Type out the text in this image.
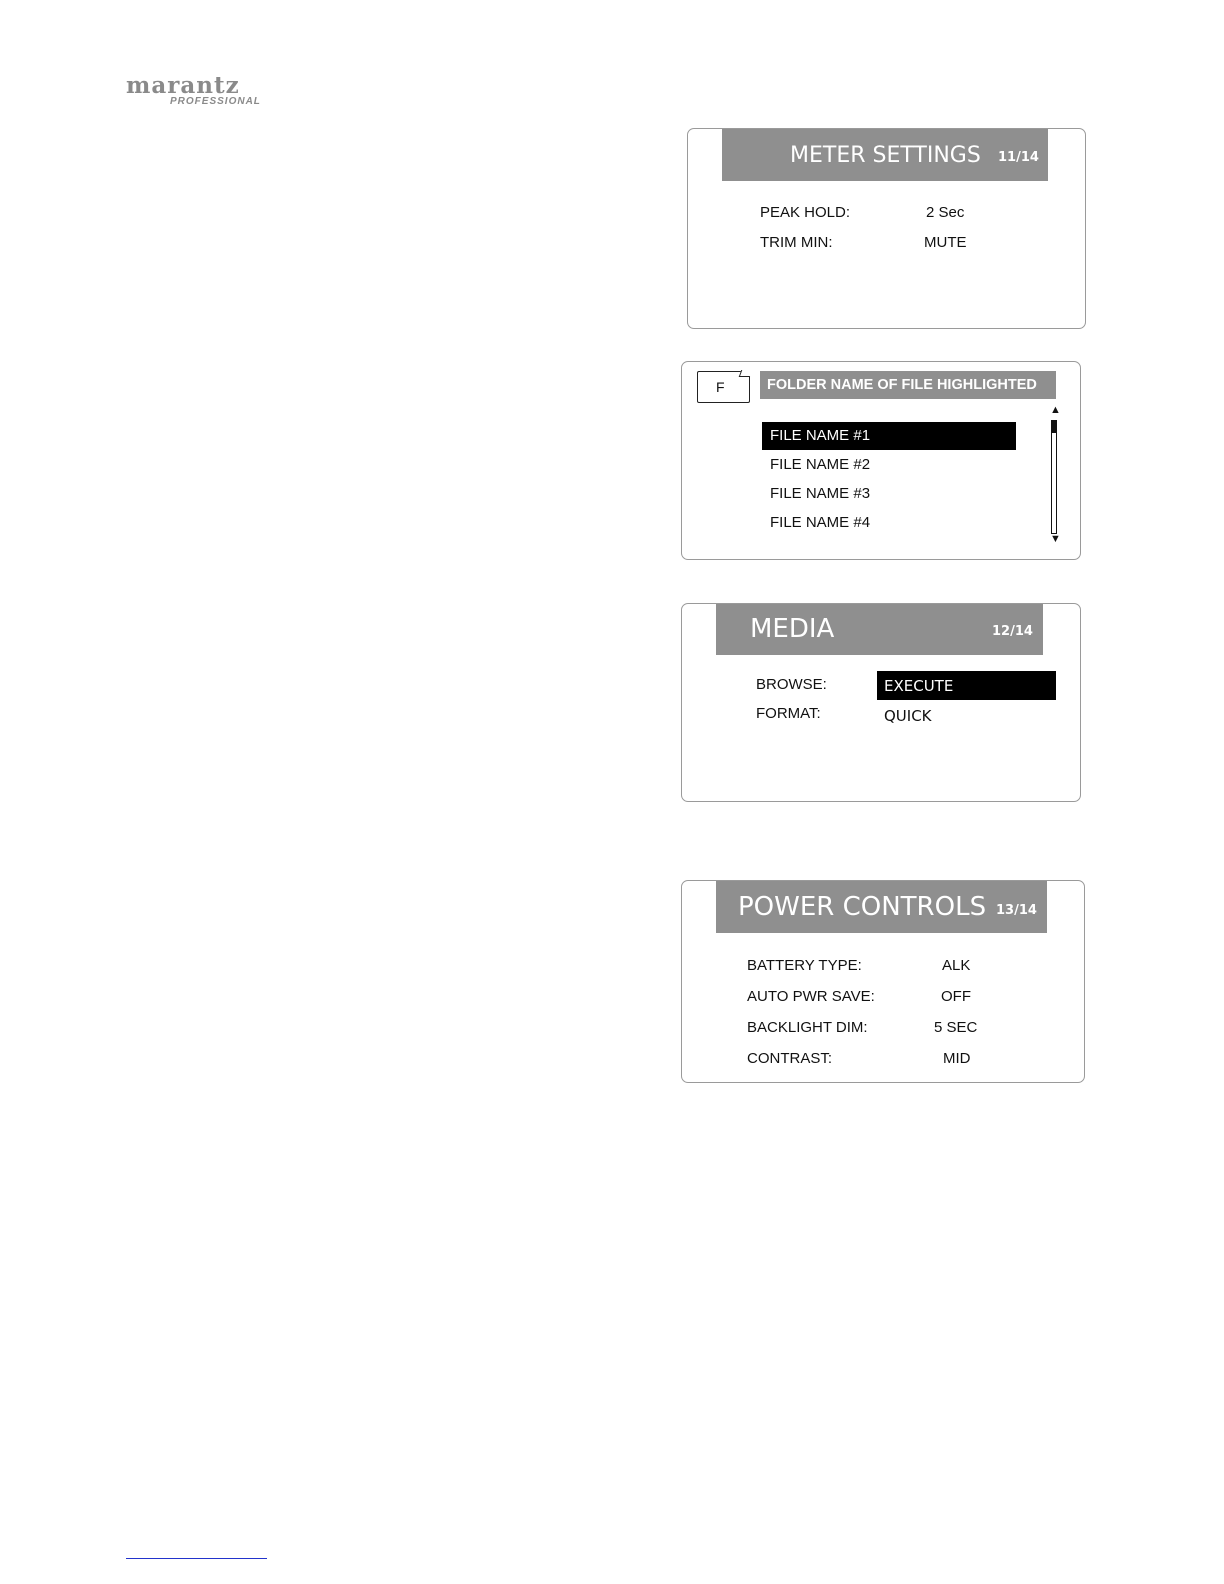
marantz
PROFESSIONAL
METER SETTINGS 11/14
PEAK HOLD:	2 Sec
TRIM MIN:	MUTE
F	FOLDER NAME OF FILE HIGHLIGHTED
FILE NAME #1
FILE NAME #2
FILE NAME #3
FILE NAME #4
▲
▼
MEDIA	12/14
BROWSE:	EXECUTE
FORMAT:	QUICK
POWER CONTROLS 13/14
BATTERY TYPE:	ALK
AUTO PWR SAVE:	OFF
BACKLIGHT DIM:	5 SEC
CONTRAST:	MID
